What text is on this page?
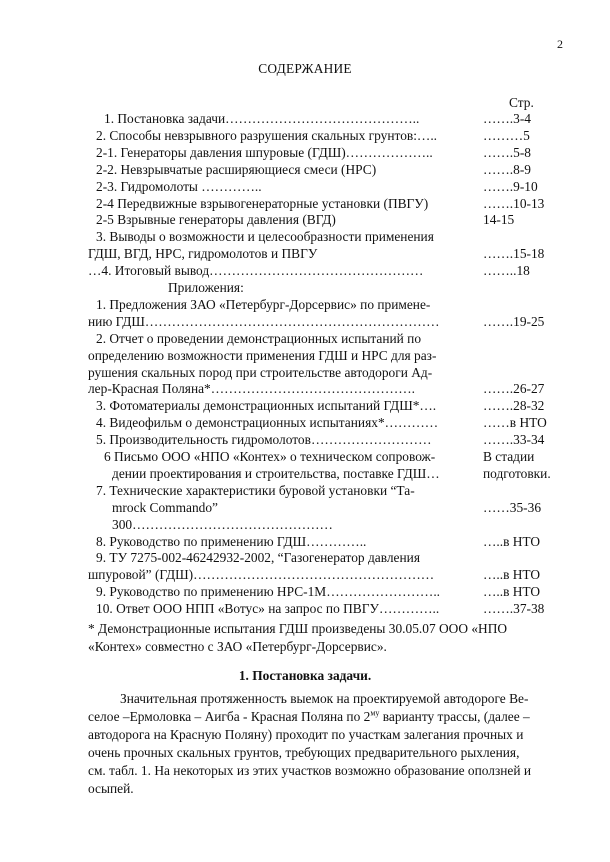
2
СОДЕРЖАНИЕ
Стр.
* Демонстрационные испытания ГДШ произведены 30.05.07 ООО «НПО
«Контех» совместно с ЗАО «Петербург-Дорсервис».
1. Постановка задачи.
Значительная протяженность выемок на проектируемой автодороге Ве-
селое –Ермоловка – Аигба - Красная Поляна по $2^{му}$ варианту трассы, (далее –
автодорога на Красную Поляну) проходит по участкам залегания прочных и
очень прочных скальных грунтов, требующих предварительного рыхления,
см. табл. 1. На некоторых из этих участков возможно образование оползней и
осыпей.
1. Постановка задачи……………………………………..	…….3-4
2. Способы невзрывного разрушения скальных грунтов:…..	………5
2-1. Генераторы давления шпуровые (ГДШ)………………..	…….5-8
2-2. Невзрывчатые расширяющиеся смеси (НРС)	…….8-9
2-3. Гидромолоты …………..	…….9-10
2-4 Передвижные взрывогенераторные установки (ПВГУ)	…….10-13
2-5 Взрывные генераторы давления (ВГД)	14-15
3. Выводы о возможности и целесообразности применения
ГДШ, ВГД, НРС, гидромолотов и ПВГУ	…….15-18
…4. Итоговый вывод…………………………………………	……..18
Приложения:
1. Предложения ЗАО «Петербург-Дорсервис» по примене-
нию ГДШ…………………………………………………………	…….19-25
2. Отчет о проведении демонстрационных испытаний по
определению возможности применения ГДШ и НРС для раз-
рушения скальных пород при строительстве автодороги Ад-
лер-Красная Поляна*……………………………………….	…….26-27
3. Фотоматериалы демонстрационных испытаний ГДШ*….	…….28-32
4. Видеофильм о демонстрационных испытаниях*…………	……в НТО
5. Производительность гидромолотов………………………	…….33-34
6 Письмо ООО «НПО «Контех» о техническом сопровож-	В стадии
дении проектирования и строительства, поставке ГДШ…	подготовки.
7. Технические характеристики буровой установки “Та-
mrock Commando”	……35-36
300………………………………………
8. Руководство по применению ГДШ…………..	…..в НТО
9. ТУ 7275-002-46242932-2002, “Газогенератор давления
шпуровой” (ГДШ)………………………………………………	…..в НТО
9. Руководство по применению НРС-1М……………………..	…..в НТО
10. Ответ ООО НПП «Вотус» на запрос по ПВГУ…………..	…….37-38
